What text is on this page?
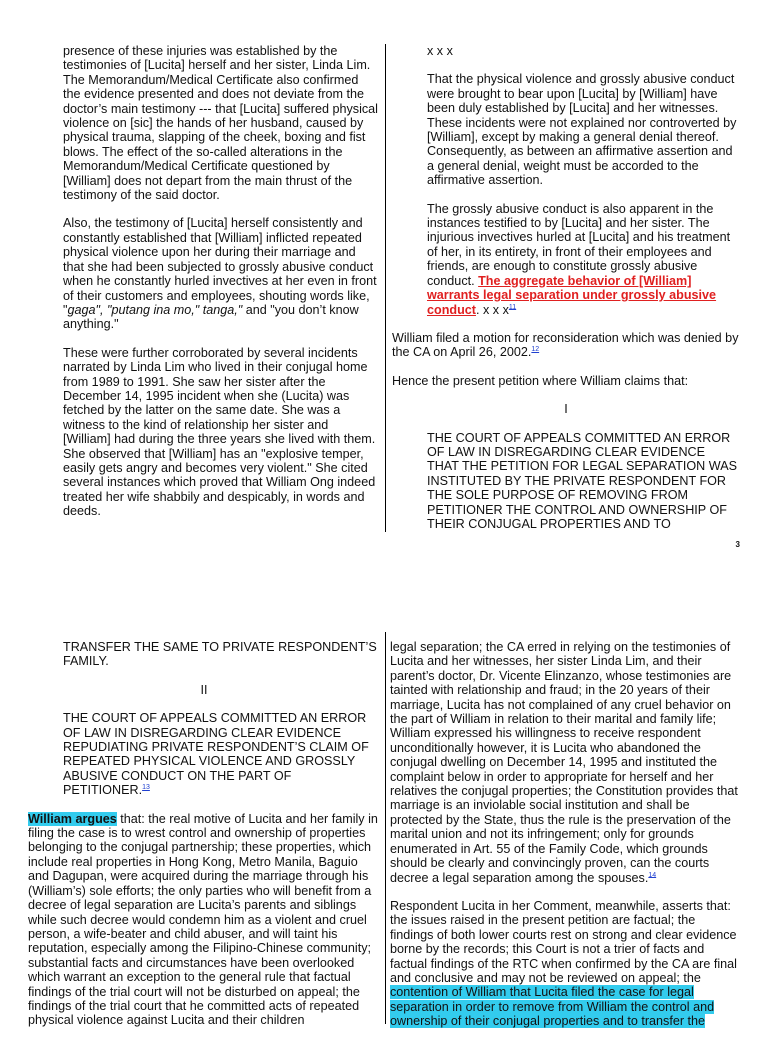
presence of these injuries was established by the testimonies of [Lucita] herself and her sister, Linda Lim. The Memorandum/Medical Certificate also confirmed the evidence presented and does not deviate from the doctor’s main testimony --- that [Lucita] suffered physical violence on [sic] the hands of her husband, caused by physical trauma, slapping of the cheek, boxing and fist blows. The effect of the so-called alterations in the Memorandum/Medical Certificate questioned by [William] does not depart from the main thrust of the testimony of the said doctor.

Also, the testimony of [Lucita] herself consistently and constantly established that [William] inflicted repeated physical violence upon her during their marriage and that she had been subjected to grossly abusive conduct when he constantly hurled invectives at her even in front of their customers and employees, shouting words like, "gaga", "putang ina mo," tanga," and "you don’t know anything."

These were further corroborated by several incidents narrated by Linda Lim who lived in their conjugal home from 1989 to 1991. She saw her sister after the December 14, 1995 incident when she (Lucita) was fetched by the latter on the same date. She was a witness to the kind of relationship her sister and [William] had during the three years she lived with them. She observed that [William] has an "explosive temper, easily gets angry and becomes very violent." She cited several instances which proved that William Ong indeed treated her wife shabbily and despicably, in words and deeds.

x x x

That the physical violence and grossly abusive conduct were brought to bear upon [Lucita] by [William] have been duly established by [Lucita] and her witnesses. These incidents were not explained nor controverted by [William], except by making a general denial thereof. Consequently, as between an affirmative assertion and a general denial, weight must be accorded to the affirmative assertion.

The grossly abusive conduct is also apparent in the instances testified to by [Lucita] and her sister. The injurious invectives hurled at [Lucita] and his treatment of her, in its entirety, in front of their employees and friends, are enough to constitute grossly abusive conduct. The aggregate behavior of [William] warrants legal separation under grossly abusive conduct. x x $x^{11}$

William filed a motion for reconsideration which was denied by the CA on April 26, 2002.12

Hence the present petition where William claims that:

I

THE COURT OF APPEALS COMMITTED AN ERROR OF LAW IN DISREGARDING CLEAR EVIDENCE THAT THE PETITION FOR LEGAL SEPARATION WAS INSTITUTED BY THE PRIVATE RESPONDENT FOR THE SOLE PURPOSE OF REMOVING FROM PETITIONER THE CONTROL AND OWNERSHIP OF THEIR CONJUGAL PROPERTIES AND TO

3

TRANSFER THE SAME TO PRIVATE RESPONDENT’S FAMILY.

II

THE COURT OF APPEALS COMMITTED AN ERROR OF LAW IN DISREGARDING CLEAR EVIDENCE REPUDIATING PRIVATE RESPONDENT’S CLAIM OF REPEATED PHYSICAL VIOLENCE AND GROSSLY ABUSIVE CONDUCT ON THE PART OF PETITIONER.$^{13}$

William argues that: the real motive of Lucita and her family in filing the case is to wrest control and ownership of properties belonging to the conjugal partnership; these properties, which include real properties in Hong Kong, Metro Manila, Baguio and Dagupan, were acquired during the marriage through his (William’s) sole efforts; the only parties who will benefit from a decree of legal separation are Lucita’s parents and siblings while such decree would condemn him as a violent and cruel person, a wife-beater and child abuser, and will taint his reputation, especially among the Filipino-Chinese community; substantial facts and circumstances have been overlooked which warrant an exception to the general rule that factual findings of the trial court will not be disturbed on appeal; the findings of the trial court that he committed acts of repeated physical violence against Lucita and their children

legal separation; the CA erred in relying on the testimonies of Lucita and her witnesses, her sister Linda Lim, and their parent’s doctor, Dr. Vicente Elinzanzo, whose testimonies are tainted with relationship and fraud; in the 20 years of their marriage, Lucita has not complained of any cruel behavior on the part of William in relation to their marital and family life; William expressed his willingness to receive respondent unconditionally however, it is Lucita who abandoned the conjugal dwelling on December 14, 1995 and instituted the complaint below in order to appropriate for herself and her relatives the conjugal properties; the Constitution provides that marriage is an inviolable social institution and shall be protected by the State, thus the rule is the preservation of the marital union and not its infringement; only for grounds enumerated in Art. 55 of the Family Code, which grounds should be clearly and convincingly proven, can the courts decree a legal separation among the spouses.$^{14}$

Respondent Lucita in her Comment, meanwhile, asserts that: the issues raised in the present petition are factual; the findings of both lower courts rest on strong and clear evidence borne by the records; this Court is not a trier of facts and factual findings of the RTC when confirmed by the CA are final and conclusive and may not be reviewed on appeal; the contention of William that Lucita filed the case for legal separation in order to remove from William the control and ownership of their conjugal properties and to transfer the
